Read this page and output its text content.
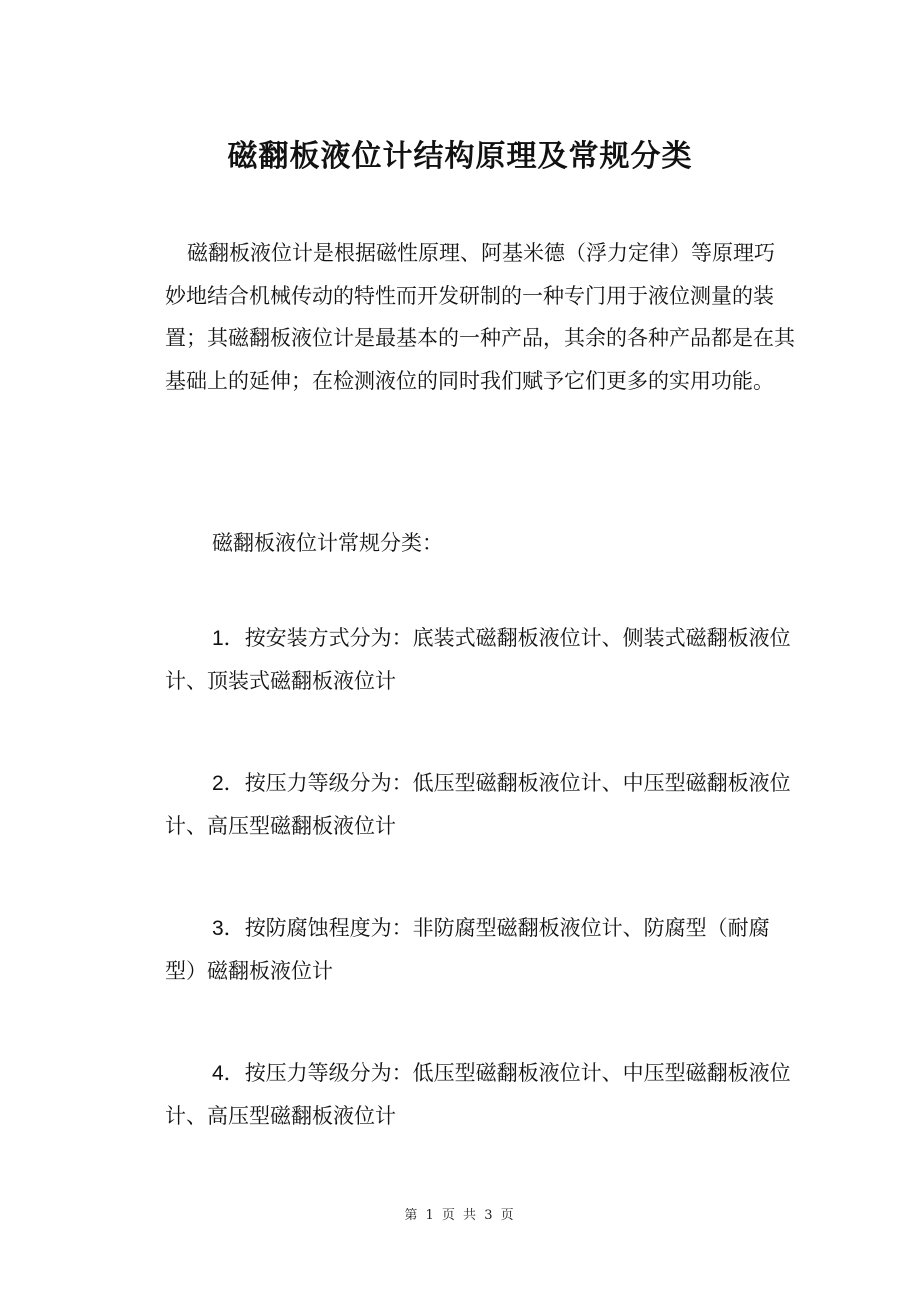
磁翻板液位计结构原理及常规分类

磁翻板液位计是根据磁性原理、阿基米德（浮力定律）等原理巧妙地结合机械传动的特性而开发研制的一种专门用于液位测量的装置；其磁翻板液位计是最基本的一种产品，其余的各种产品都是在其基础上的延伸；在检测液位的同时我们赋予它们更多的实用功能。

磁翻板液位计常规分类：

1．按安装方式分为：底装式磁翻板液位计、侧装式磁翻板液位计、顶装式磁翻板液位计

2．按压力等级分为：低压型磁翻板液位计、中压型磁翻板液位计、高压型磁翻板液位计

3．按防腐蚀程度为：非防腐型磁翻板液位计、防腐型（耐腐型）磁翻板液位计

4．按压力等级分为：低压型磁翻板液位计、中压型磁翻板液位计、高压型磁翻板液位计

第 1 页 共 3 页
